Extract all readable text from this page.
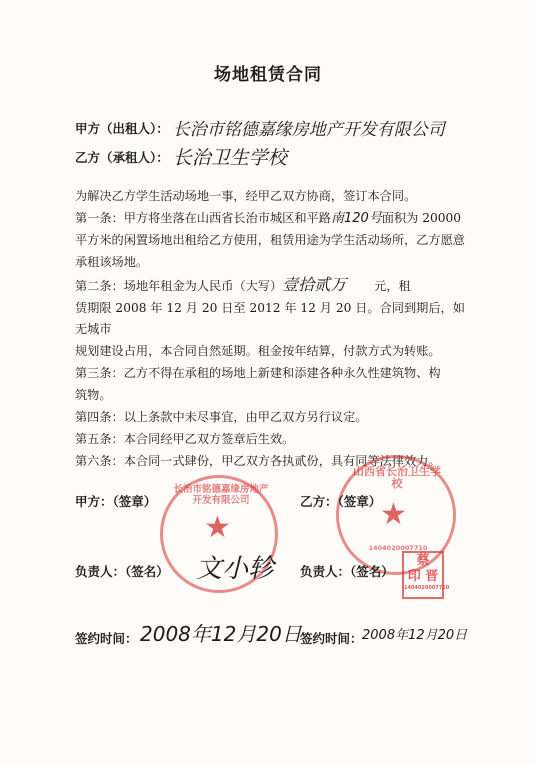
场地租赁合同
甲方（出租人）： 长治市铭德嘉缘房地产开发有限公司
乙方（承租人）： 长治卫生学校

为解决乙方学生活动场地一事，经甲乙双方协商，签订本合同。

第一条：甲方将坐落在山西省长治市城区和平路南120号面积为 20000

平方米的闲置场地出租给乙方使用，租赁用途为学生活动场所，乙方愿意

承租该场地。

第二条：场地年租金为人民币（大写）壹拾贰万 元，租

赁期限 2008 年 12 月 20 日至 2012 年 12 月 20 日。合同到期后，如无城市

规划建设占用，本合同自然延期。租金按年结算，付款方式为转账。

第三条：乙方不得在承租的场地上新建和添建各种永久性建筑物、构

筑物。

第四条：以上条款中未尽事宜，由甲乙双方另行议定。

第五条：本合同经甲乙双方签章后生效。

第六条：本合同一式肆份，甲乙双方各执贰份，具有同等法律效力。

长治市铭德嘉缘房地产开发有限公司
★
山西省长治卫生学校
1404020007710
★
甲方：（签章）	乙方：（签章）
负责人：（签名） 文小轸 负责人：（签名）
蔡
印 晋
1404020007710
签约时间： 2008年12月20日
签约时间： 2008年12月20日
